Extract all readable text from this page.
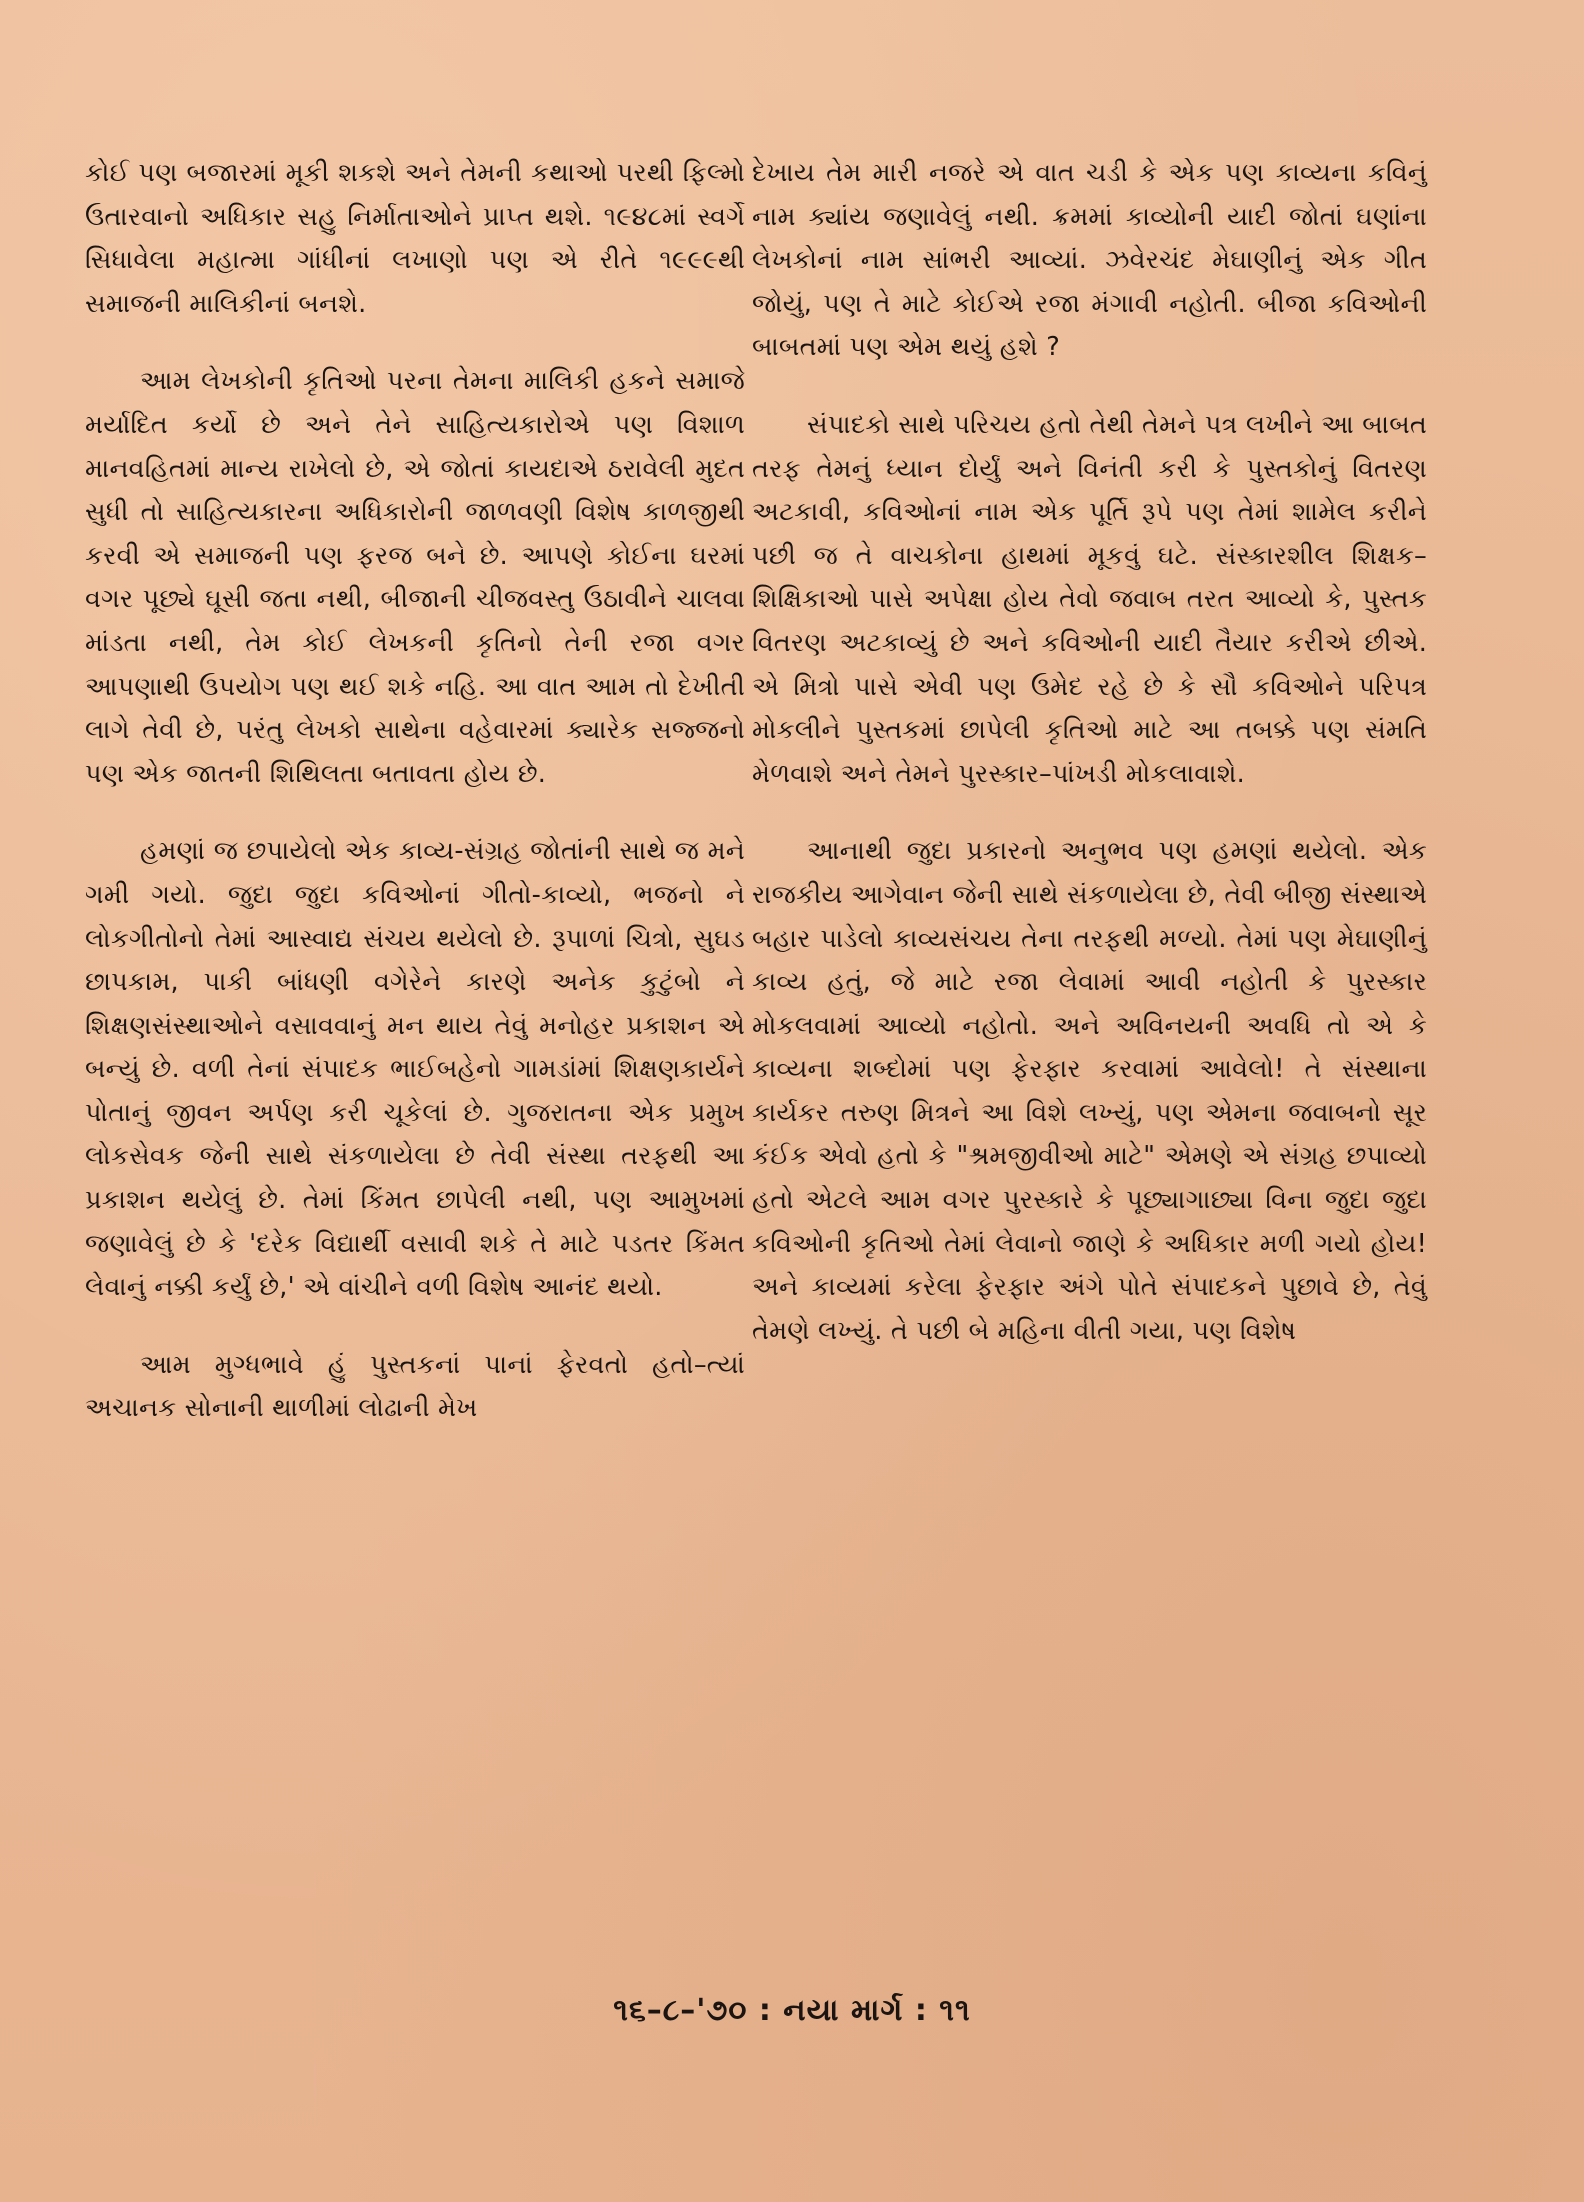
કોઈ પણ બજારમાં મૂકી શકશે અને તેમની કથાઓ પરથી ફિલ્મો ઉતારવાનો અધિકાર સહુ નિર્માતાઓને પ્રાપ્ત થશે. ૧૯૪૮માં સ્વર્ગે સિધાવેલા મહાત્મા ગાંધીનાં લખાણો પણ એ રીતે ૧૯૯૯થી સમાજની માલિકીનાં બનશે.

આમ લેખકોની કૃતિઓ પરના તેમના માલિકી હકને સમાજે મર્યાદિત કર્યો છે અને તેને સાહિત્યકારોએ પણ વિશાળ માનવહિતમાં માન્ય રાખેલો છે, એ જોતાં કાયદાએ ઠરાવેલી મુદત સુધી તો સાહિત્યકારના અધિકારોની જાળવણી વિશેષ કાળજીથી કરવી એ સમાજની પણ ફરજ બને છે. આપણે કોઈના ઘરમાં વગર પૂછ્યે ઘૂસી જતા નથી, બીજાની ચીજવસ્તુ ઉઠાવીને ચાલવા માંડતા નથી, તેમ કોઈ લેખકની કૃતિનો તેની રજા વગર આપણાથી ઉપયોગ પણ થઈ શકે નહિ. આ વાત આમ તો દેખીતી લાગે તેવી છે, પરંતુ લેખકો સાથેના વહેવારમાં ક્યારેક સજ્જનો પણ એક જાતની શિથિલતા બતાવતા હોય છે.

હમણાં જ છપાયેલો એક કાવ્ય-સંગ્રહ જોતાંની સાથે જ મને ગમી ગયો. જુદા જુદા કવિઓનાં ગીતો-કાવ્યો, ભજનો ને લોકગીતોનો તેમાં આસ્વાદ્ય સંચય થયેલો છે. રૂપાળાં ચિત્રો, સુઘડ છાપકામ, પાકી બાંધણી વગેરેને કારણે અનેક કુટુંબો ને શિક્ષણસંસ્થાઓને વસાવવાનું મન થાય તેવું મનોહર પ્રકાશન એ બન્યું છે. વળી તેનાં સંપાદક ભાઈબહેનો ગામડાંમાં શિક્ષણકાર્યને પોતાનું જીવન અર્પણ કરી ચૂકેલાં છે. ગુજરાતના એક પ્રમુખ લોકસેવક જેની સાથે સંકળાયેલા છે તેવી સંસ્થા તરફથી આ પ્રકાશન થયેલું છે. તેમાં કિંમત છાપેલી નથી, પણ આમુખમાં જણાવેલું છે કે 'દરેક વિદ્યાર્થી વસાવી શકે તે માટે પડતર કિંમત લેવાનું નક્કી કર્યું છે,' એ વાંચીને વળી વિશેષ આનંદ થયો.

આમ મુગ્ધભાવે હું પુસ્તકનાં પાનાં ફેરવતો હતો–ત્યાં અચાનક સોનાની થાળીમાં લોઢાની મેખ

દેખાય તેમ મારી નજરે એ વાત ચડી કે એક પણ કાવ્યના કવિનું નામ ક્યાંય જણાવેલું નથી. ક્રમમાં કાવ્યોની યાદી જોતાં ઘણાંના લેખકોનાં નામ સાંભરી આવ્યાં. ઝવેરચંદ મેઘાણીનું એક ગીત જોયું, પણ તે માટે કોઈએ રજા મંગાવી નહોતી. બીજા કવિઓની બાબતમાં પણ એમ થયું હશે ?

સંપાદકો સાથે પરિચય હતો તેથી તેમને પત્ર લખીને આ બાબત તરફ તેમનું ધ્યાન દોર્યું અને વિનંતી કરી કે પુસ્તકોનું વિતરણ અટકાવી, કવિઓનાં નામ એક પૂર્તિ રૂપે પણ તેમાં શામેલ કરીને પછી જ તે વાચકોના હાથમાં મૂકવું ઘટે. સંસ્કારશીલ શિક્ષક–શિક્ષિકાઓ પાસે અપેક્ષા હોય તેવો જવાબ તરત આવ્યો કે, પુસ્તક વિતરણ અટકાવ્યું છે અને કવિઓની યાદી તૈયાર કરીએ છીએ. એ મિત્રો પાસે એવી પણ ઉમેદ રહે છે કે સૌ કવિઓને પરિપત્ર મોકલીને પુસ્તકમાં છાપેલી કૃતિઓ માટે આ તબક્કે પણ સંમતિ મેળવાશે અને તેમને પુરસ્કાર–પાંખડી મોકલાવાશે.

આનાથી જુદા પ્રકારનો અનુભવ પણ હમણાં થયેલો. એક રાજકીય આગેવાન જેની સાથે સંકળાયેલા છે, તેવી બીજી સંસ્થાએ બહાર પાડેલો કાવ્યસંચય તેના તરફથી મળ્યો. તેમાં પણ મેઘાણીનું કાવ્ય હતું, જે માટે રજા લેવામાં આવી નહોતી કે પુરસ્કાર મોકલવામાં આવ્યો નહોતો. અને અવિનયની અવધિ તો એ કે કાવ્યના શબ્દોમાં પણ ફેરફાર કરવામાં આવેલો! તે સંસ્થાના કાર્યકર તરુણ મિત્રને આ વિશે લખ્યું, પણ એમના જવાબનો સૂર કંઈક એવો હતો કે "શ્રમજીવીઓ માટે" એમણે એ સંગ્રહ છપાવ્યો હતો એટલે આમ વગર પુરસ્કારે કે પૂછ્યાગાછ્યા વિના જુદા જુદા કવિઓની કૃતિઓ તેમાં લેવાનો જાણે કે અધિકાર મળી ગયો હોય! અને કાવ્યમાં કરેલા ફેરફાર અંગે પોતે સંપાદકને પુછાવે છે, તેવું તેમણે લખ્યું. તે પછી બે મહિના વીતી ગયા, પણ વિશેષ

૧૬–૮–'૭૦ : નયા માર્ગ : ૧૧
